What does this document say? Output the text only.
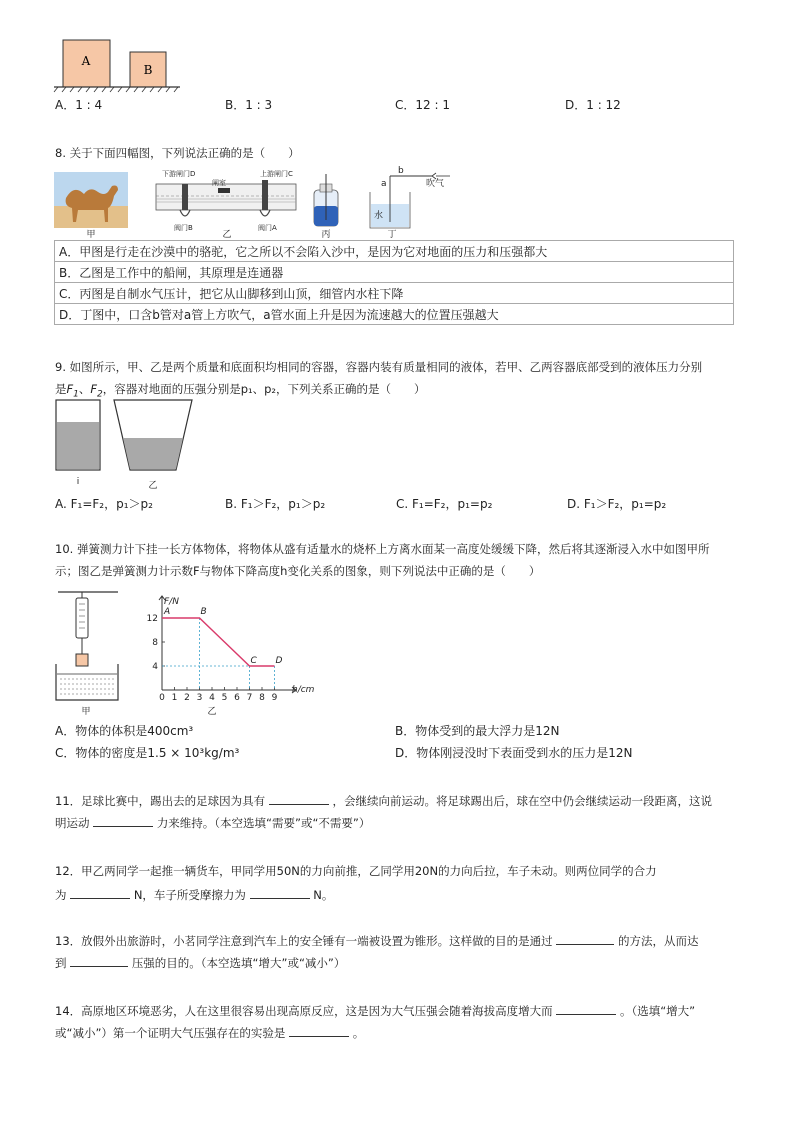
A
B
A．1 : 4	B．1 : 3	C．12 : 1	D．1 : 12
8. 关于下面四幅图，下列说法正确的是（　　）
甲
下游闸门D	上游闸门C
闸室
阀门B	阀门A
乙	丙
b
a	吹气
水
丁
A．甲图是行走在沙漠中的骆驼，它之所以不会陷入沙中，是因为它对地面的压力和压强都大
B．乙图是工作中的船闸，其原理是连通器
C．丙图是自制水气压计，把它从山脚移到山顶，细管内水柱下降
D．丁图中，口含b管对a管上方吹气，a管水面上升是因为流速越大的位置压强越大
9. 如图所示，甲、乙是两个质量和底面积均相同的容器，容器内装有质量相同的液体，若甲、乙两容器底部受到的液体压力分别
是$F_1$、$F_2$，容器对地面的压强分别是p₁、p₂，下列关系正确的是（　　）
ⅰ	乙
A. F₁=F₂，p₁＞p₂	B. F₁＞F₂，p₁＞p₂	C. F₁=F₂，p₁=p₂	D. F₁＞F₂，p₁=p₂
10. 弹簧测力计下挂一长方体物体，将物体从盛有适量水的烧杯上方离水面某一高度处缓缓下降，然后将其逐渐浸入水中如图甲所
示；图乙是弹簧测力计示数F与物体下降高度h变化关系的图象，则下列说法中正确的是（　　）
甲
F/N
h/cm
乙
0 1 2 3 4 5 6 7 8 9
4
8
12
A	B
C D
A．物体的体积是400cm³	B．物体受到的最大浮力是12N
C．物体的密度是1.5 × 10³kg/m³	D．物体刚浸没时下表面受到水的压力是12N
11．足球比赛中，踢出去的足球因为具有	，会继续向前运动。将足球踢出后，球在空中仍会继续运动一段距离，这说
明运动	力来维持。（本空选填“需要”或“不需要”）
12．甲乙两同学一起推一辆货车，甲同学用50N的力向前推，乙同学用20N的力向后拉，车子未动。则两位同学的合力
为	N，车子所受摩擦力为	N。
13．放假外出旅游时，小茗同学注意到汽车上的安全锤有一端被设置为锥形。这样做的目的是通过	的方法，从而达
到	压强的目的。（本空选填“增大”或“减小”）
14．高原地区环境恶劣，人在这里很容易出现高原反应，这是因为大气压强会随着海拔高度增大而	。（选填“增大”
或“减小”）第一个证明大气压强存在的实验是	。
